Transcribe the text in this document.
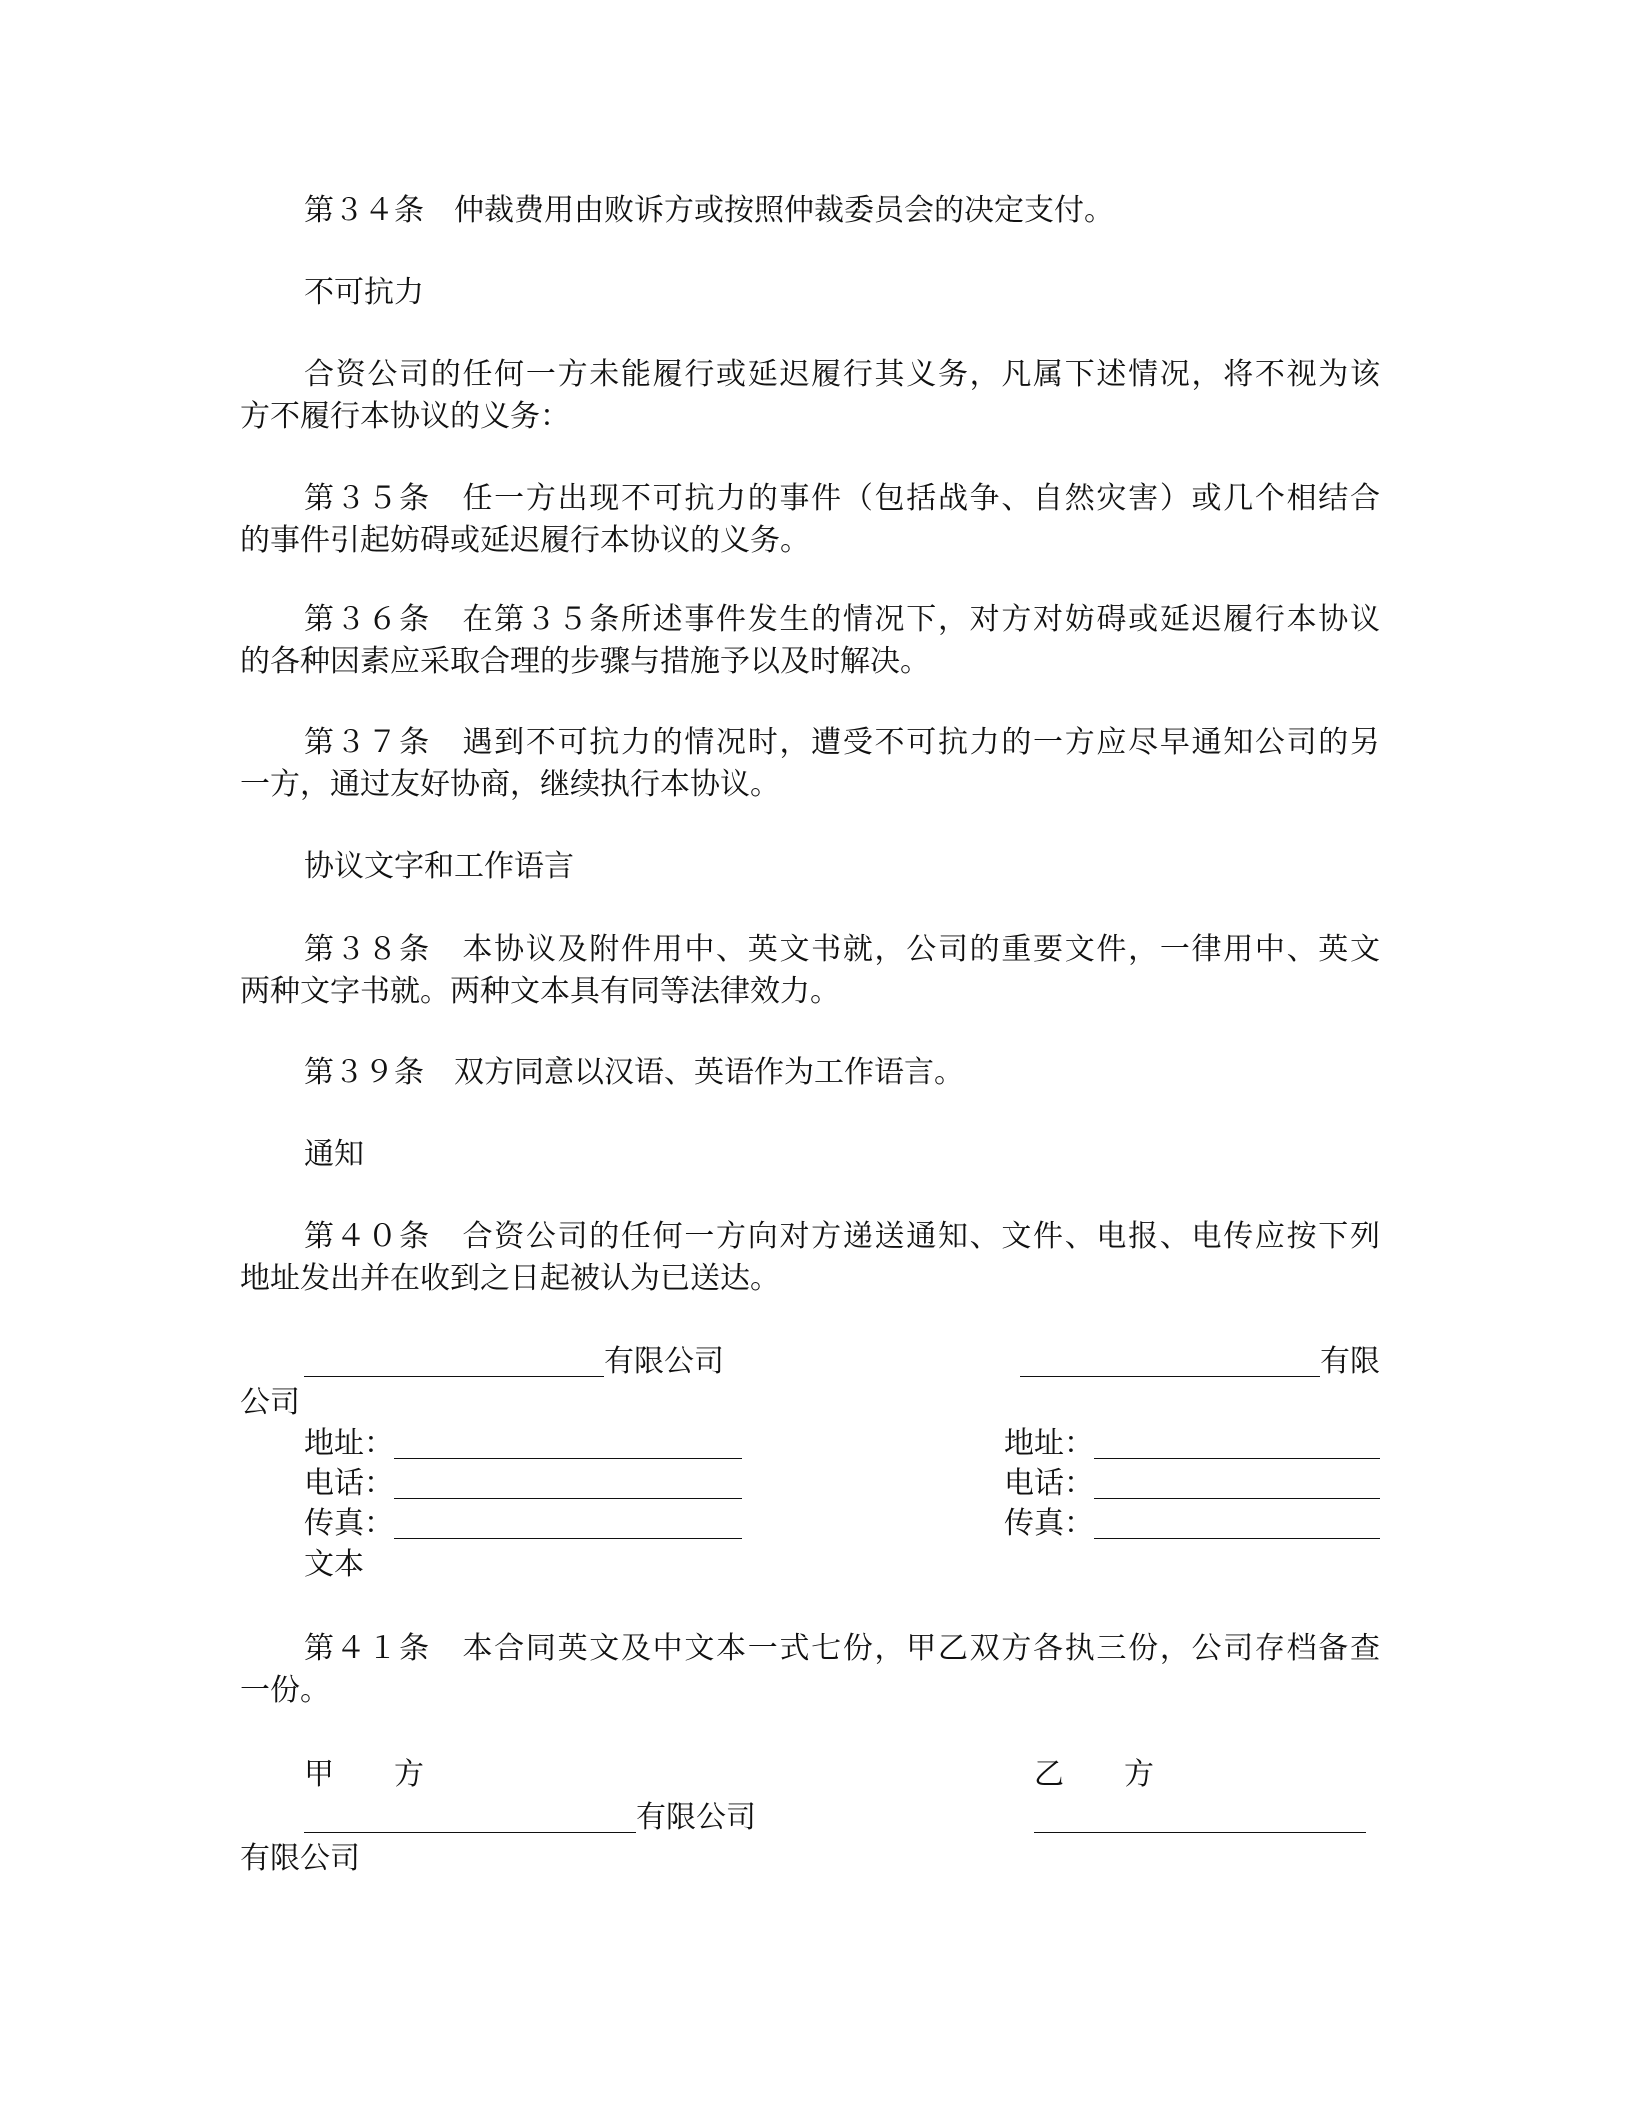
第３４条　仲裁费用由败诉方或按照仲裁委员会的决定支付。
不可抗力
合资公司的任何一方未能履行或延迟履行其义务，凡属下述情况，将不视为该
方不履行本协议的义务：
第３５条　任一方出现不可抗力的事件（包括战争、自然灾害）或几个相结合
的事件引起妨碍或延迟履行本协议的义务。
第３６条　在第３５条所述事件发生的情况下，对方对妨碍或延迟履行本协议
的各种因素应采取合理的步骤与措施予以及时解决。
第３７条　遇到不可抗力的情况时，遭受不可抗力的一方应尽早通知公司的另
一方，通过友好协商，继续执行本协议。
协议文字和工作语言
第３８条　本协议及附件用中、英文书就，公司的重要文件，一律用中、英文
两种文字书就。两种文本具有同等法律效力。
第３９条　双方同意以汉语、英语作为工作语言。
通知
第４０条　合资公司的任何一方向对方递送通知、文件、电报、电传应按下列
地址发出并在收到之日起被认为已送达。
有限公司	有限
公司
地址：
电话：
传真：
地址：
电话：
传真：
文本
第４１条　本合同英文及中文本一式七份，甲乙双方各执三份，公司存档备查
一份。
甲　　方	乙　　方
有限公司
有限公司
